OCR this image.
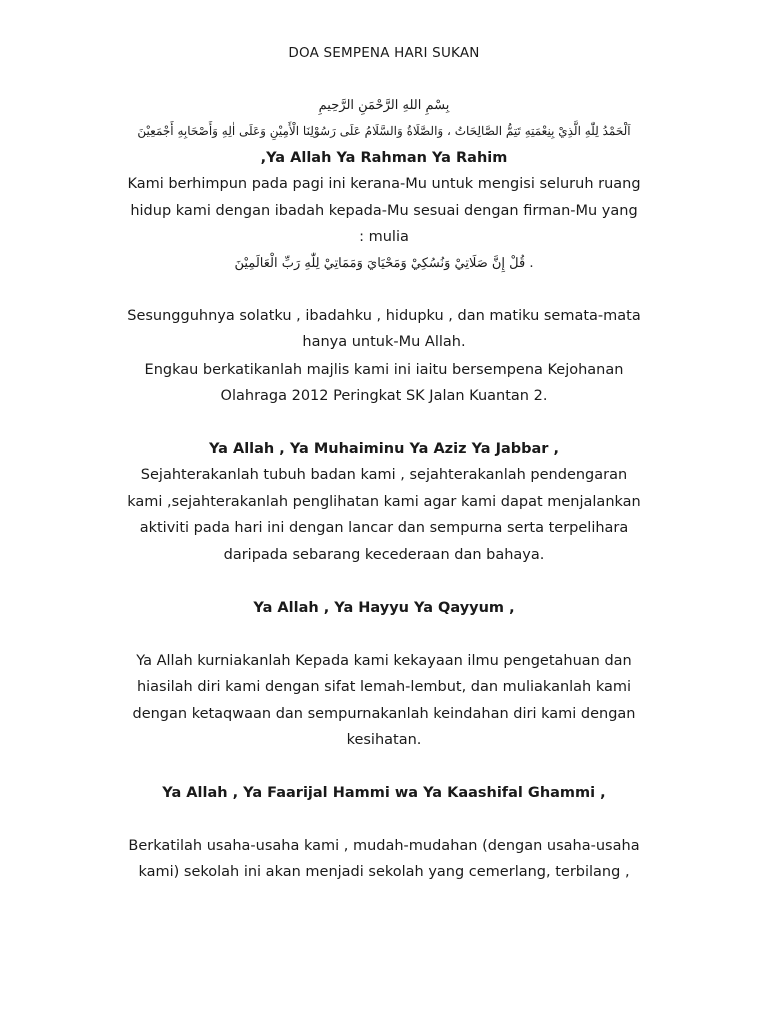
DOA SEMPENA HARI SUKAN
بِسْمِ اللهِ الرَّحْمَنِ الرَّحِيمِ
اَلْحَمْدُ لِلّٰهِ الَّذِيْ بِنِعْمَتِهِ تَتِمُّ الصَّالِحَاتُ ، وَالصَّلَاةُ وَالسَّلَامُ عَلَى رَسُوْلِنَا الْأَمِيْنِ وَعَلَى اٰلِهِ وَأَصْحَابِهِ أَجْمَعِيْنَ
,Ya Allah Ya Rahman Ya Rahim
Kami berhimpun pada pagi ini kerana-Mu untuk mengisi seluruh ruang
hidup kami dengan ibadah kepada-Mu sesuai dengan firman-Mu yang
: mulia
. قُلْ إِنَّ صَلَاتِيْ وَنُسُكِيْ وَمَحْيَايَ وَمَمَاتِيْ لِلّٰهِ رَبِّ الْعَالَمِيْنَ
Sesungguhnya solatku , ibadahku , hidupku , dan matiku semata-mata
hanya untuk-Mu Allah.
Engkau berkatikanlah majlis kami ini iaitu bersempena Kejohanan
Olahraga 2012 Peringkat SK Jalan Kuantan 2.
Ya Allah , Ya Muhaiminu Ya Aziz Ya Jabbar ,
Sejahterakanlah tubuh badan kami , sejahterakanlah pendengaran
kami ,sejahterakanlah penglihatan kami agar kami dapat menjalankan
aktiviti pada hari ini dengan lancar dan sempurna serta terpelihara
daripada sebarang kecederaan dan bahaya.
Ya Allah , Ya Hayyu Ya Qayyum ,
Ya Allah kurniakanlah Kepada kami kekayaan ilmu pengetahuan dan
hiasilah diri kami dengan sifat lemah-lembut, dan muliakanlah kami
dengan ketaqwaan dan sempurnakanlah keindahan diri kami dengan
kesihatan.
Ya Allah , Ya Faarijal Hammi wa Ya Kaashifal Ghammi ,
Berkatilah usaha-usaha kami , mudah-mudahan (dengan usaha-usaha
kami) sekolah ini akan menjadi sekolah yang cemerlang, terbilang ,
